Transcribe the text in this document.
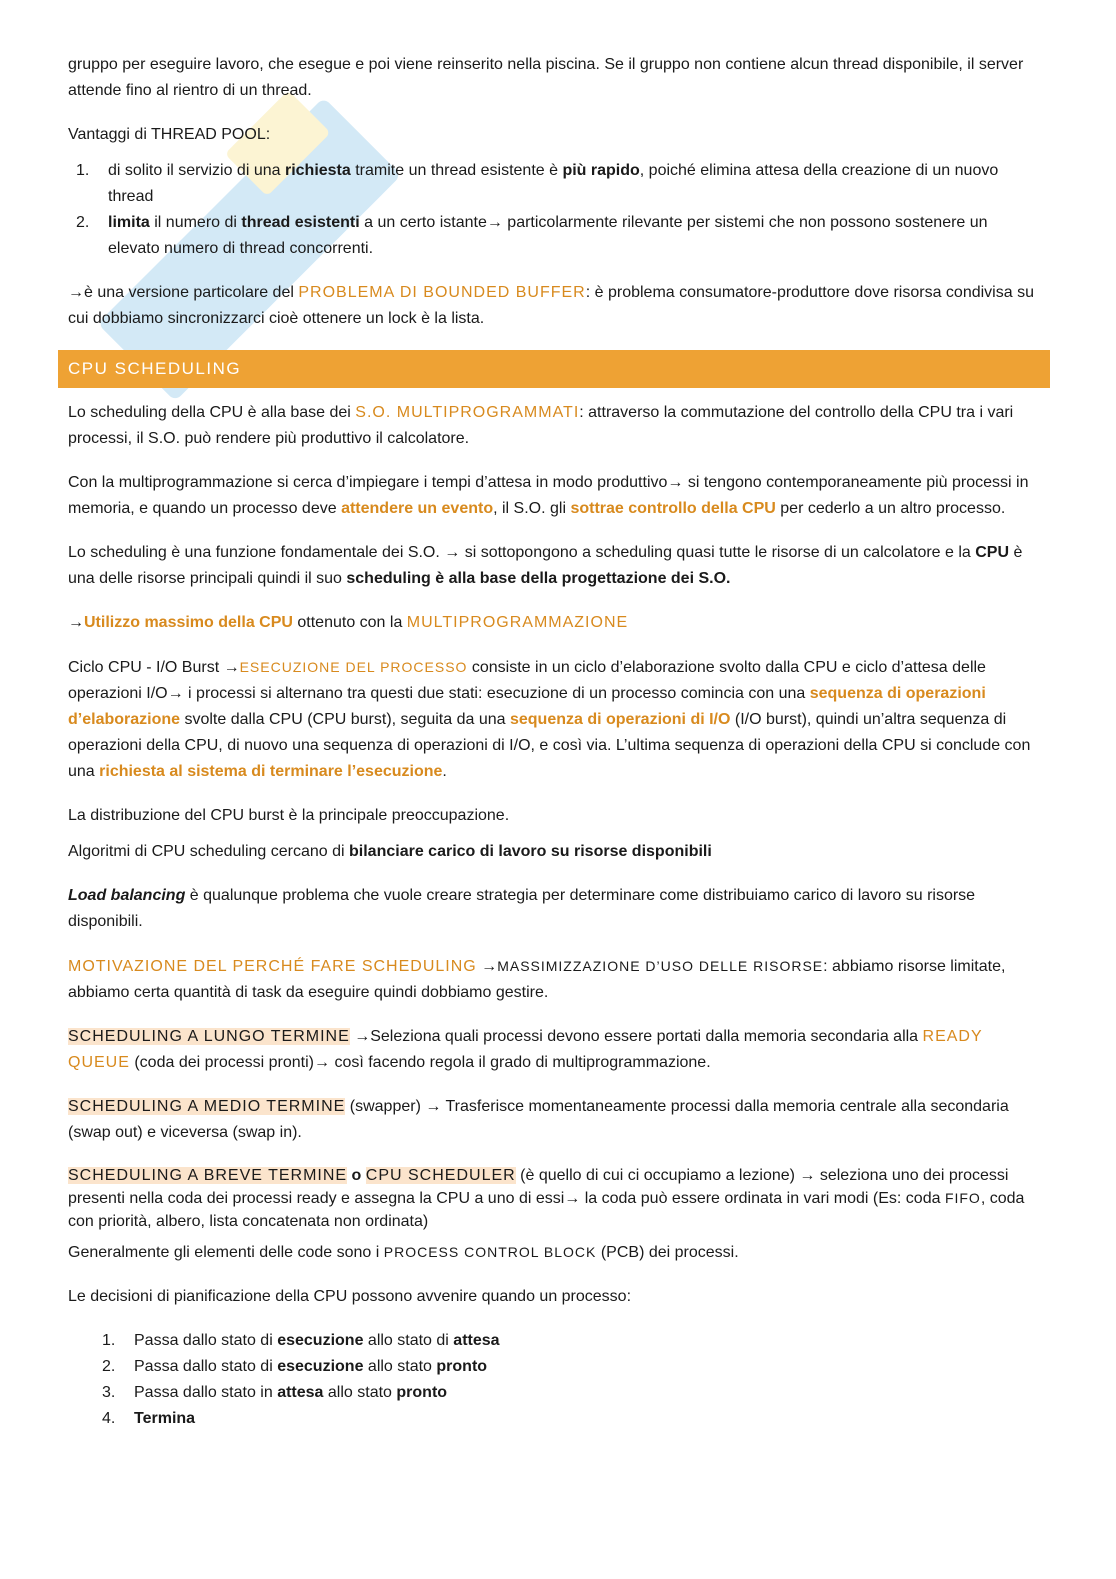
gruppo per eseguire lavoro, che esegue e poi viene reinserito nella piscina. Se il gruppo non contiene alcun thread disponibile, il server attende fino al rientro di un thread.

Vantaggi di THREAD POOL:

1. di solito il servizio di una richiesta tramite un thread esistente è più rapido, poiché elimina attesa della creazione di un nuovo thread
2. limita il numero di thread esistenti a un certo istante→ particolarmente rilevante per sistemi che non possono sostenere un elevato numero di thread concorrenti.

→è una versione particolare del PROBLEMA DI BOUNDED BUFFER: è problema consumatore-produttore dove risorsa condivisa su cui dobbiamo sincronizzarci cioè ottenere un lock è la lista.

CPU SCHEDULING

Lo scheduling della CPU è alla base dei S.O. MULTIPROGRAMMATI: attraverso la commutazione del controllo della CPU tra i vari processi, il S.O. può rendere più produttivo il calcolatore.

Con la multiprogrammazione si cerca d’impiegare i tempi d’attesa in modo produttivo→ si tengono contemporaneamente più processi in memoria, e quando un processo deve attendere un evento, il S.O. gli sottrae controllo della CPU per cederlo a un altro processo.

Lo scheduling è una funzione fondamentale dei S.O. → si sottopongono a scheduling quasi tutte le risorse di un calcolatore e la CPU è una delle risorse principali quindi il suo scheduling è alla base della progettazione dei S.O.

→Utilizzo massimo della CPU ottenuto con la MULTIPROGRAMMAZIONE

Ciclo CPU - I/O Burst →ESECUZIONE DEL PROCESSO consiste in un ciclo d’elaborazione svolto dalla CPU e ciclo d’attesa delle operazioni I/O→ i processi si alternano tra questi due stati: esecuzione di un processo comincia con una sequenza di operazioni d’elaborazione svolte dalla CPU (CPU burst), seguita da una sequenza di operazioni di I/O (I/O burst), quindi un’altra sequenza di operazioni della CPU, di nuovo una sequenza di operazioni di I/O, e così via. L’ultima sequenza di operazioni della CPU si conclude con una richiesta al sistema di terminare l’esecuzione.

La distribuzione del CPU burst è la principale preoccupazione.

Algoritmi di CPU scheduling cercano di bilanciare carico di lavoro su risorse disponibili

Load balancing è qualunque problema che vuole creare strategia per determinare come distribuiamo carico di lavoro su risorse disponibili.

MOTIVAZIONE DEL PERCHÉ FARE SCHEDULING →MASSIMIZZAZIONE D’USO DELLE RISORSE: abbiamo risorse limitate, abbiamo certa quantità di task da eseguire quindi dobbiamo gestire.

SCHEDULING A LUNGO TERMINE →Seleziona quali processi devono essere portati dalla memoria secondaria alla READY QUEUE (coda dei processi pronti)→ così facendo regola il grado di multiprogrammazione.

SCHEDULING A MEDIO TERMINE (swapper) → Trasferisce momentaneamente processi dalla memoria centrale alla secondaria (swap out) e viceversa (swap in).

SCHEDULING A BREVE TERMINE o CPU SCHEDULER (è quello di cui ci occupiamo a lezione) → seleziona uno dei processi presenti nella coda dei processi ready e assegna la CPU a uno di essi→ la coda può essere ordinata in vari modi (Es: coda FIFO, coda con priorità, albero, lista concatenata non ordinata)

Generalmente gli elementi delle code sono i PROCESS CONTROL BLOCK (PCB) dei processi.

Le decisioni di pianificazione della CPU possono avvenire quando un processo:

1. Passa dallo stato di esecuzione allo stato di attesa
2. Passa dallo stato di esecuzione allo stato pronto
3. Passa dallo stato in attesa allo stato pronto
4. Termina
